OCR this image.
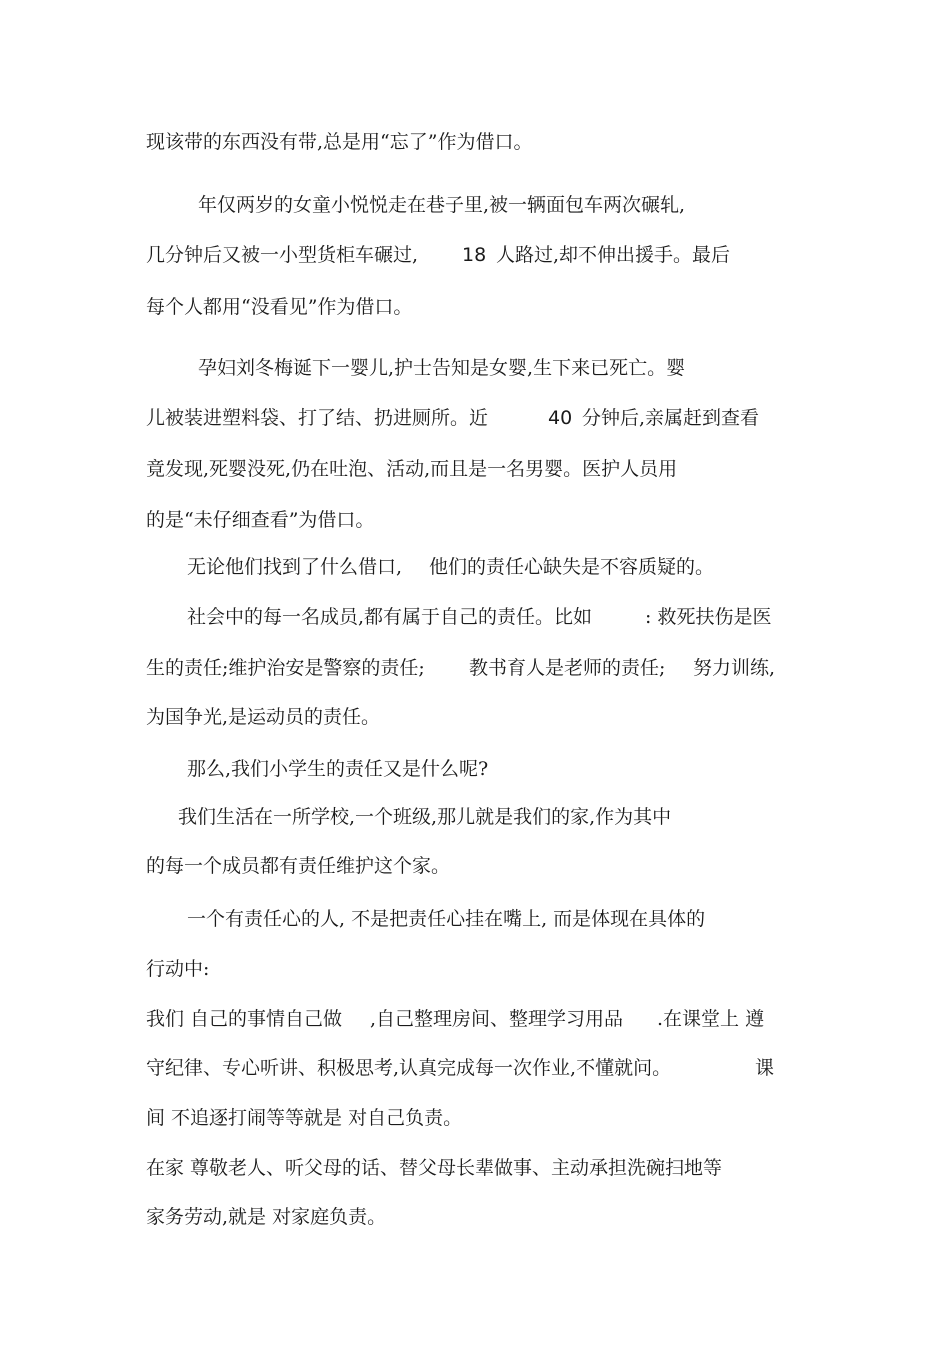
现该带的东西没有带,总是用“忘了”作为借口。

年仅两岁的女童小悦悦走在巷子里,被一辆面包车两次碾轧,

几分钟后又被一小型货柜车碾过, 18 人路过,却不伸出援手。最后

每个人都用“没看见”作为借口。

孕妇刘冬梅诞下一婴儿,护士告知是女婴,生下来已死亡。婴

儿被装进塑料袋、打了结、扔进厕所。近	40 分钟后,亲属赶到查看

竟发现,死婴没死,仍在吐泡、活动,而且是一名男婴。医护人员用

的是“未仔细查看”为借口。

无论他们找到了什么借口, 他们的责任心缺失是不容质疑的。

社会中的每一名成员,都有属于自己的责任。比如	: 救死扶伤是医

生的责任;维护治安是警察的责任; 教书育人是老师的责任; 努力训练,

为国争光,是运动员的责任。

那么,我们小学生的责任又是什么呢?

我们生活在一所学校,一个班级,那儿就是我们的家,作为其中

的每一个成员都有责任维护这个家。

一个有责任心的人, 不是把责任心挂在嘴上, 而是体现在具体的

行动中:

我们 自己的事情自己做 ,自己整理房间、整理学习用品 .在课堂上 遵

守纪律、专心听讲、积极思考,认真完成每一次作业,不懂就问。	课

间 不追逐打闹等等就是 对自己负责。

在家 尊敬老人、听父母的话、替父母长辈做事、主动承担洗碗扫地等

家务劳动,就是 对家庭负责。
